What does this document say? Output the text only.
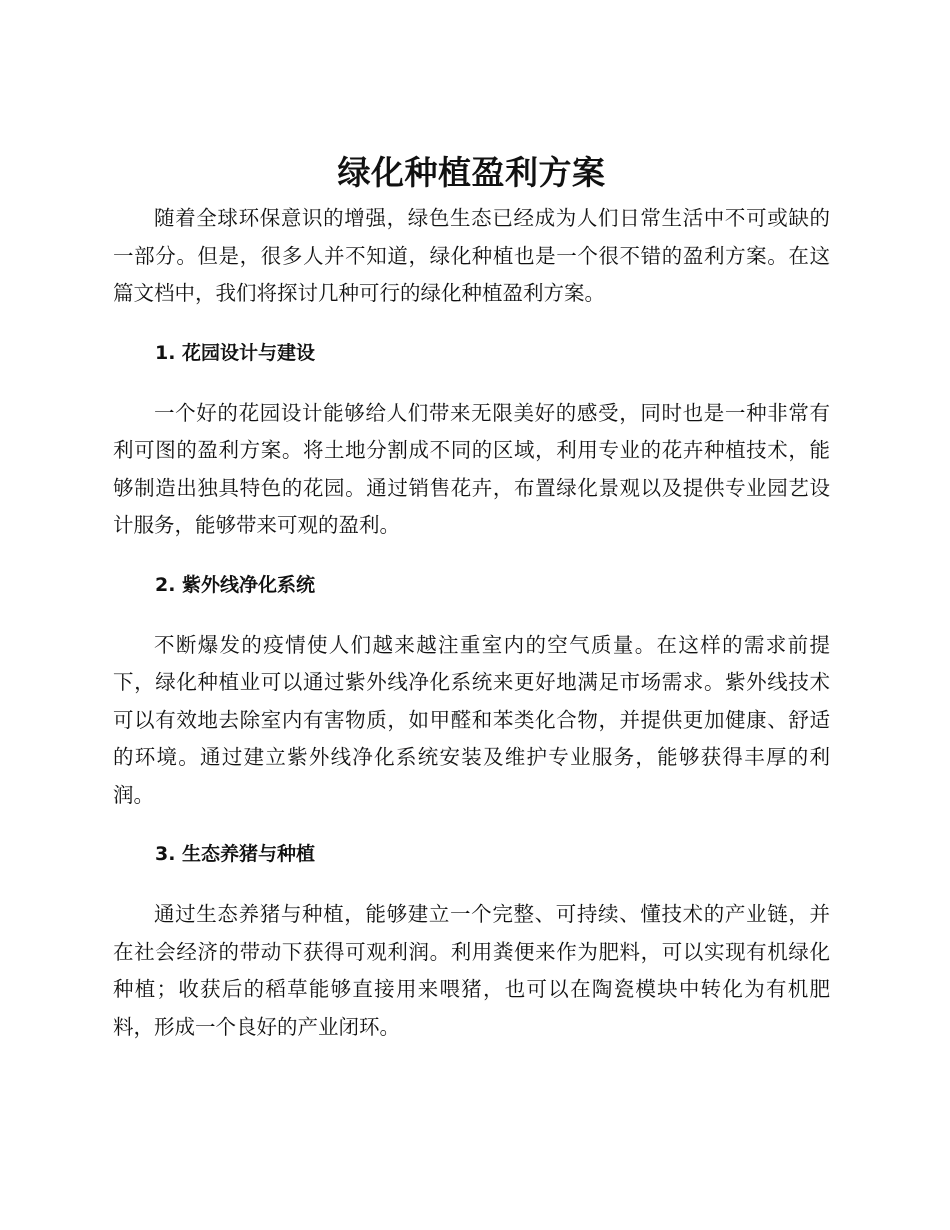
绿化种植盈利方案

随着全球环保意识的增强，绿色生态已经成为人们日常生活中不可或缺的一部分。但是，很多人并不知道，绿化种植也是一个很不错的盈利方案。在这篇文档中，我们将探讨几种可行的绿化种植盈利方案。

1. 花园设计与建设

一个好的花园设计能够给人们带来无限美好的感受，同时也是一种非常有利可图的盈利方案。将土地分割成不同的区域，利用专业的花卉种植技术，能够制造出独具特色的花园。通过销售花卉，布置绿化景观以及提供专业园艺设计服务，能够带来可观的盈利。

2. 紫外线净化系统

不断爆发的疫情使人们越来越注重室内的空气质量。在这样的需求前提下，绿化种植业可以通过紫外线净化系统来更好地满足市场需求。紫外线技术可以有效地去除室内有害物质，如甲醛和苯类化合物，并提供更加健康、舒适的环境。通过建立紫外线净化系统安装及维护专业服务，能够获得丰厚的利润。

3. 生态养猪与种植

通过生态养猪与种植，能够建立一个完整、可持续、懂技术的产业链，并在社会经济的带动下获得可观利润。利用粪便来作为肥料，可以实现有机绿化种植；收获后的稻草能够直接用来喂猪，也可以在陶瓷模块中转化为有机肥料，形成一个良好的产业闭环。
